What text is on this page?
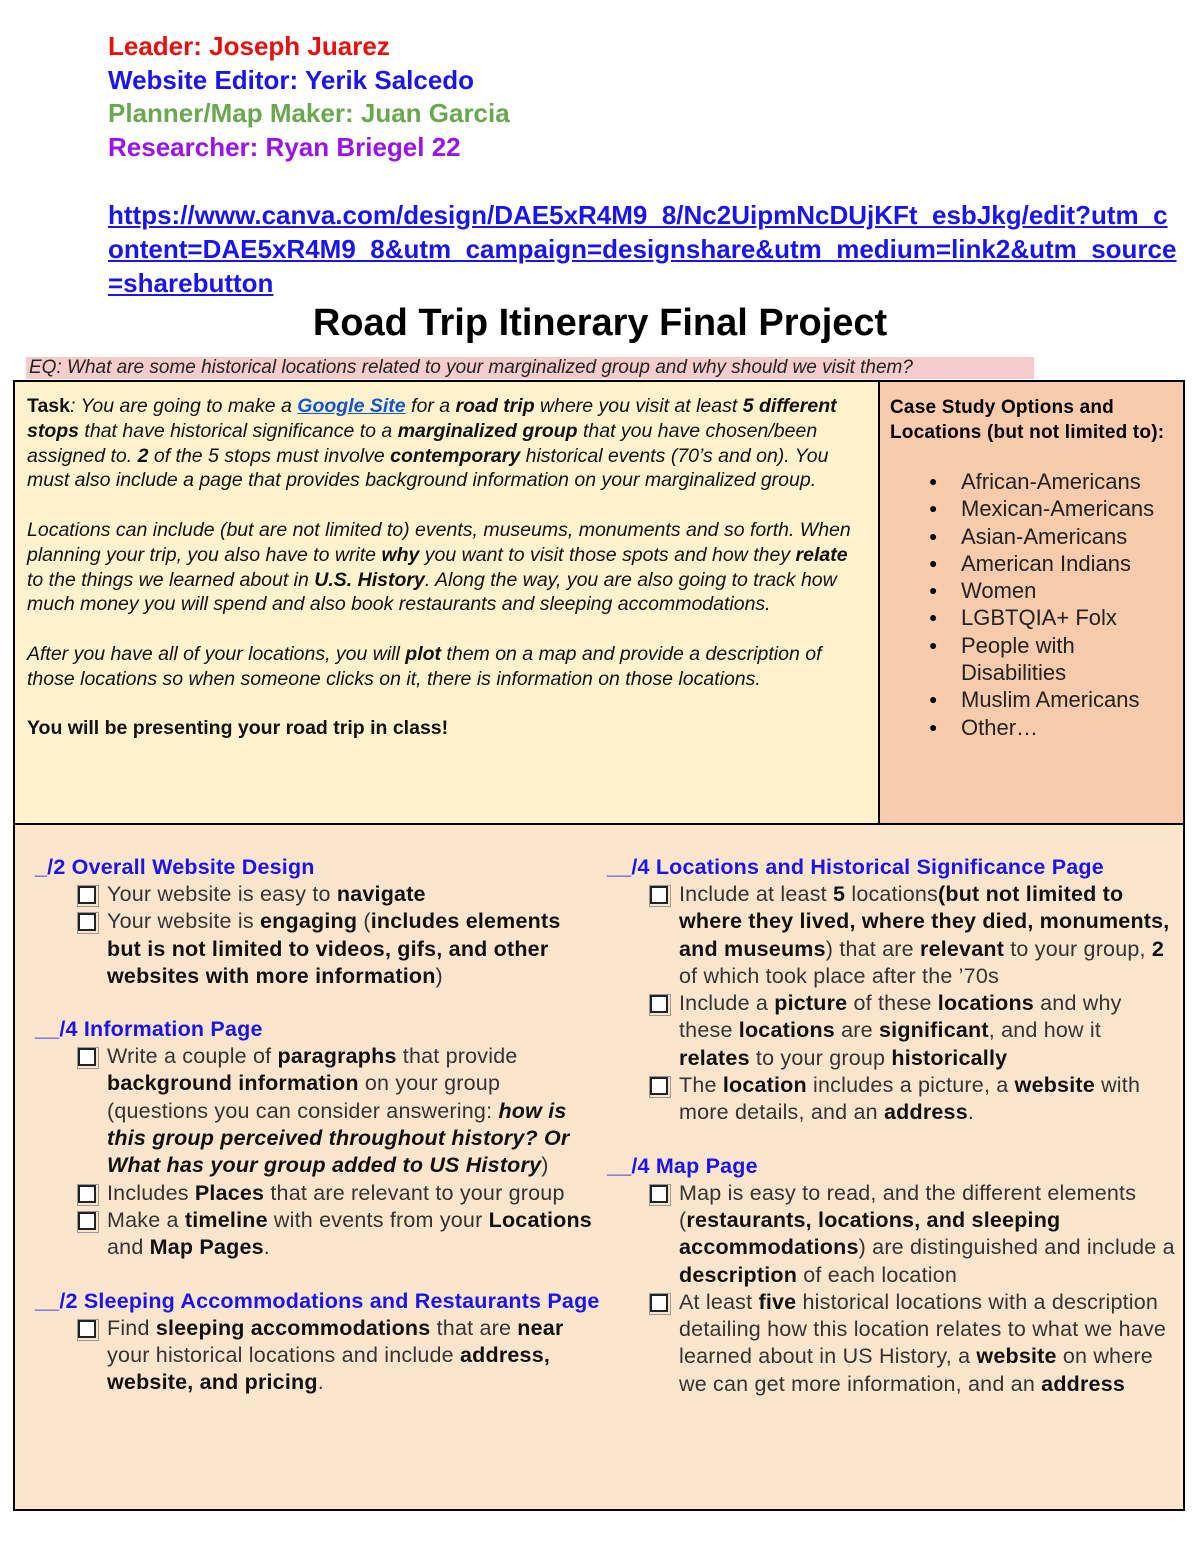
Leader: Joseph Juarez
Website Editor: Yerik Salcedo
Planner/Map Maker: Juan Garcia
Researcher: Ryan Briegel 22
https://www.canva.com/design/DAE5xR4M9_8/Nc2UipmNcDUjKFt_esbJkg/edit?utm_content=DAE5xR4M9_8&utm_campaign=designshare&utm_medium=link2&utm_source=sharebutton
Road Trip Itinerary Final Project
EQ: What are some historical locations related to your marginalized group and why should we visit them?

Task: You are going to make a Google Site for a road trip where you visit at least 5 different stops that have historical significance to a marginalized group that you have chosen/been assigned to. 2 of the 5 stops must involve contemporary historical events (70’s and on). You must also include a page that provides background information on your marginalized group.

Locations can include (but are not limited to) events, museums, monuments and so forth. When planning your trip, you also have to write why you want to visit those spots and how they relate to the things we learned about in U.S. History. Along the way, you are also going to track how much money you will spend and also book restaurants and sleeping accommodations.

After you have all of your locations, you will plot them on a map and provide a description of those locations so when someone clicks on it, there is information on those locations.

You will be presenting your road trip in class!

Case Study Options and Locations (but not limited to):
● African-Americans
● Mexican-Americans
● Asian-Americans
● American Indians
● Women
● LGBTQIA+ Folx
● People with Disabilities
● Muslim Americans
● Other…
_/2 Overall Website Design
Your website is easy to navigate
Your website is engaging (includes elements but is not limited to videos, gifs, and other websites with more information)
__/4 Information Page
Write a couple of paragraphs that provide background information on your group (questions you can consider answering: how is this group perceived throughout history? Or What has your group added to US History)
Includes Places that are relevant to your group
Make a timeline with events from your Locations and Map Pages.
__/2 Sleeping Accommodations and Restaurants Page
Find sleeping accommodations that are near your historical locations and include address, website, and pricing.
__/4 Locations and Historical Significance Page
Include at least 5 locations(but not limited to where they lived, where they died, monuments, and museums) that are relevant to your group, 2 of which took place after the ’70s
Include a picture of these locations and why these locations are significant, and how it relates to your group historically
The location includes a picture, a website with more details, and an address.
__/4 Map Page
Map is easy to read, and the different elements (restaurants, locations, and sleeping accommodations) are distinguished and include a description of each location
At least five historical locations with a description detailing how this location relates to what we have learned about in US History, a website on where we can get more information, and an address
